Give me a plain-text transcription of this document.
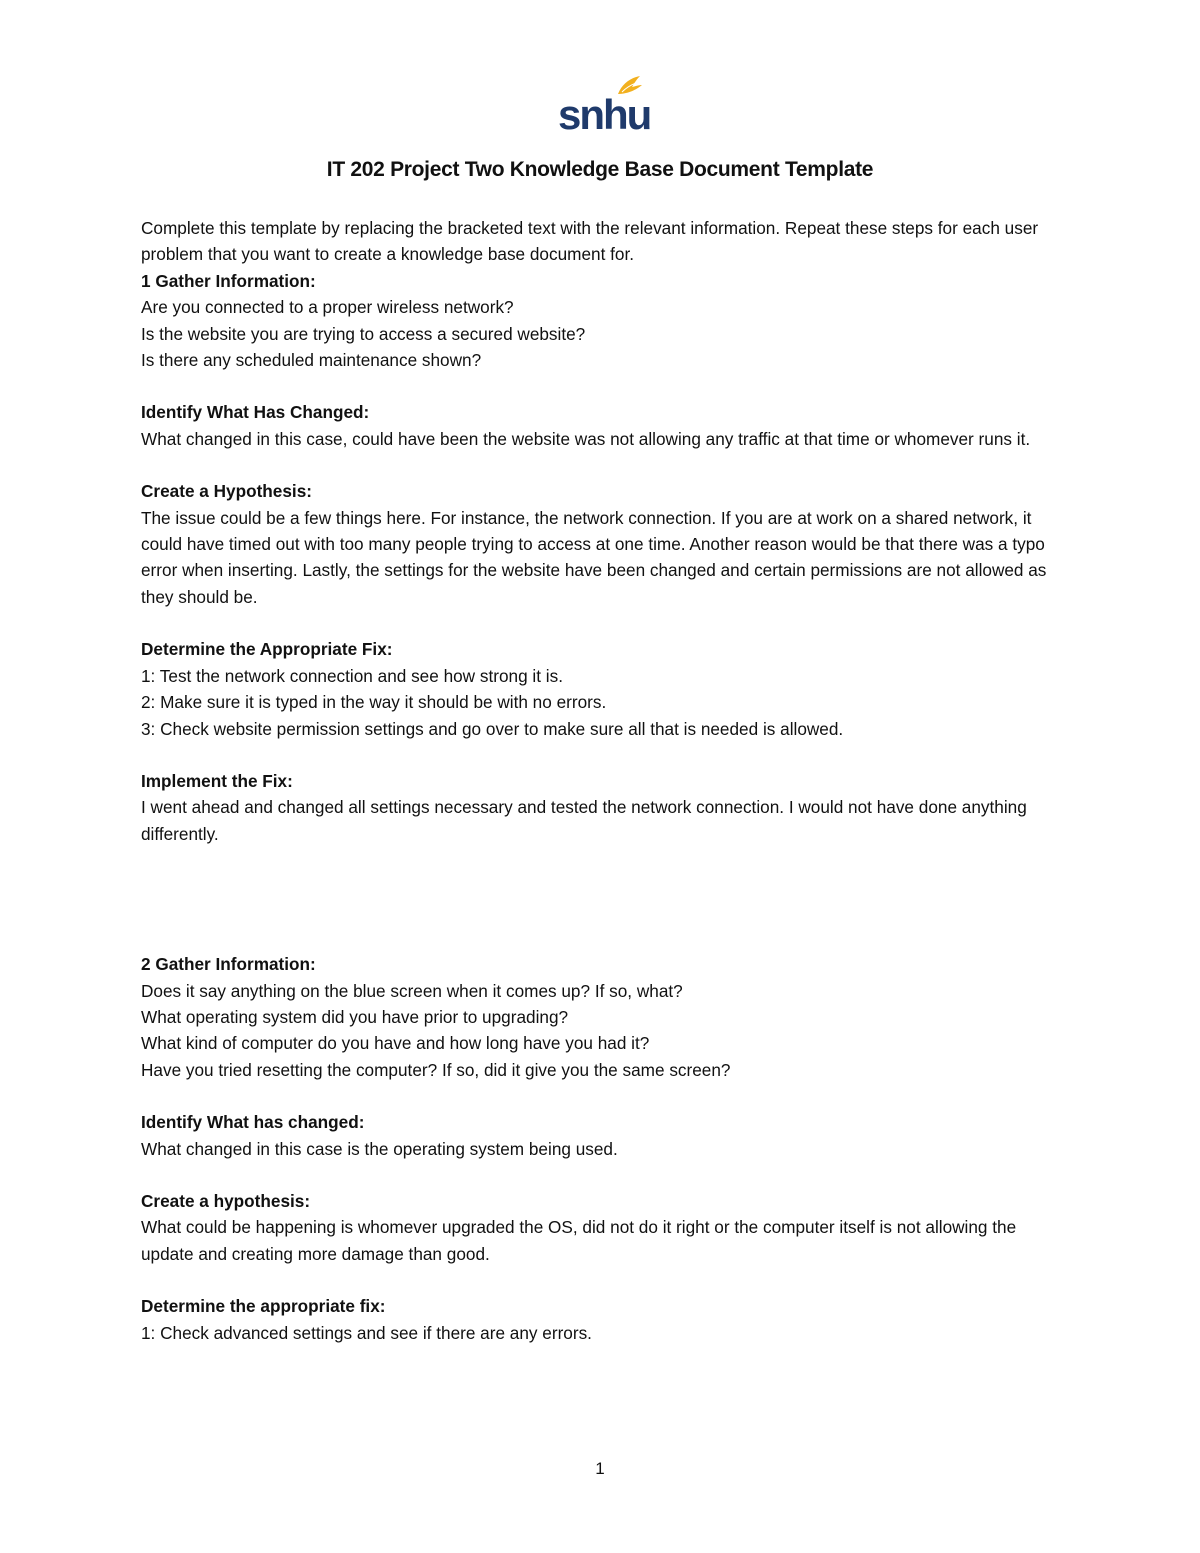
snhu
IT 202 Project Two Knowledge Base Document Template

Complete this template by replacing the bracketed text with the relevant information. Repeat these steps for each user problem that you want to create a knowledge base document for.

1 Gather Information:

Are you connected to a proper wireless network?

Is the website you are trying to access a secured website?

Is there any scheduled maintenance shown?

Identify What Has Changed:

What changed in this case, could have been the website was not allowing any traffic at that time or whomever runs it.

Create a Hypothesis:

The issue could be a few things here. For instance, the network connection. If you are at work on a shared network, it could have timed out with too many people trying to access at one time. Another reason would be that there was a typo error when inserting. Lastly, the settings for the website have been changed and certain permissions are not allowed as they should be.

Determine the Appropriate Fix:

1: Test the network connection and see how strong it is.

2: Make sure it is typed in the way it should be with no errors.

3: Check website permission settings and go over to make sure all that is needed is allowed.

Implement the Fix:

I went ahead and changed all settings necessary and tested the network connection. I would not have done anything differently.

2 Gather Information:

Does it say anything on the blue screen when it comes up? If so, what?

What operating system did you have prior to upgrading?

What kind of computer do you have and how long have you had it?

Have you tried resetting the computer? If so, did it give you the same screen?

Identify What has changed:

What changed in this case is the operating system being used.

Create a hypothesis:

What could be happening is whomever upgraded the OS, did not do it right or the computer itself is not allowing the update and creating more damage than good.

Determine the appropriate fix:

1: Check advanced settings and see if there are any errors.

1
